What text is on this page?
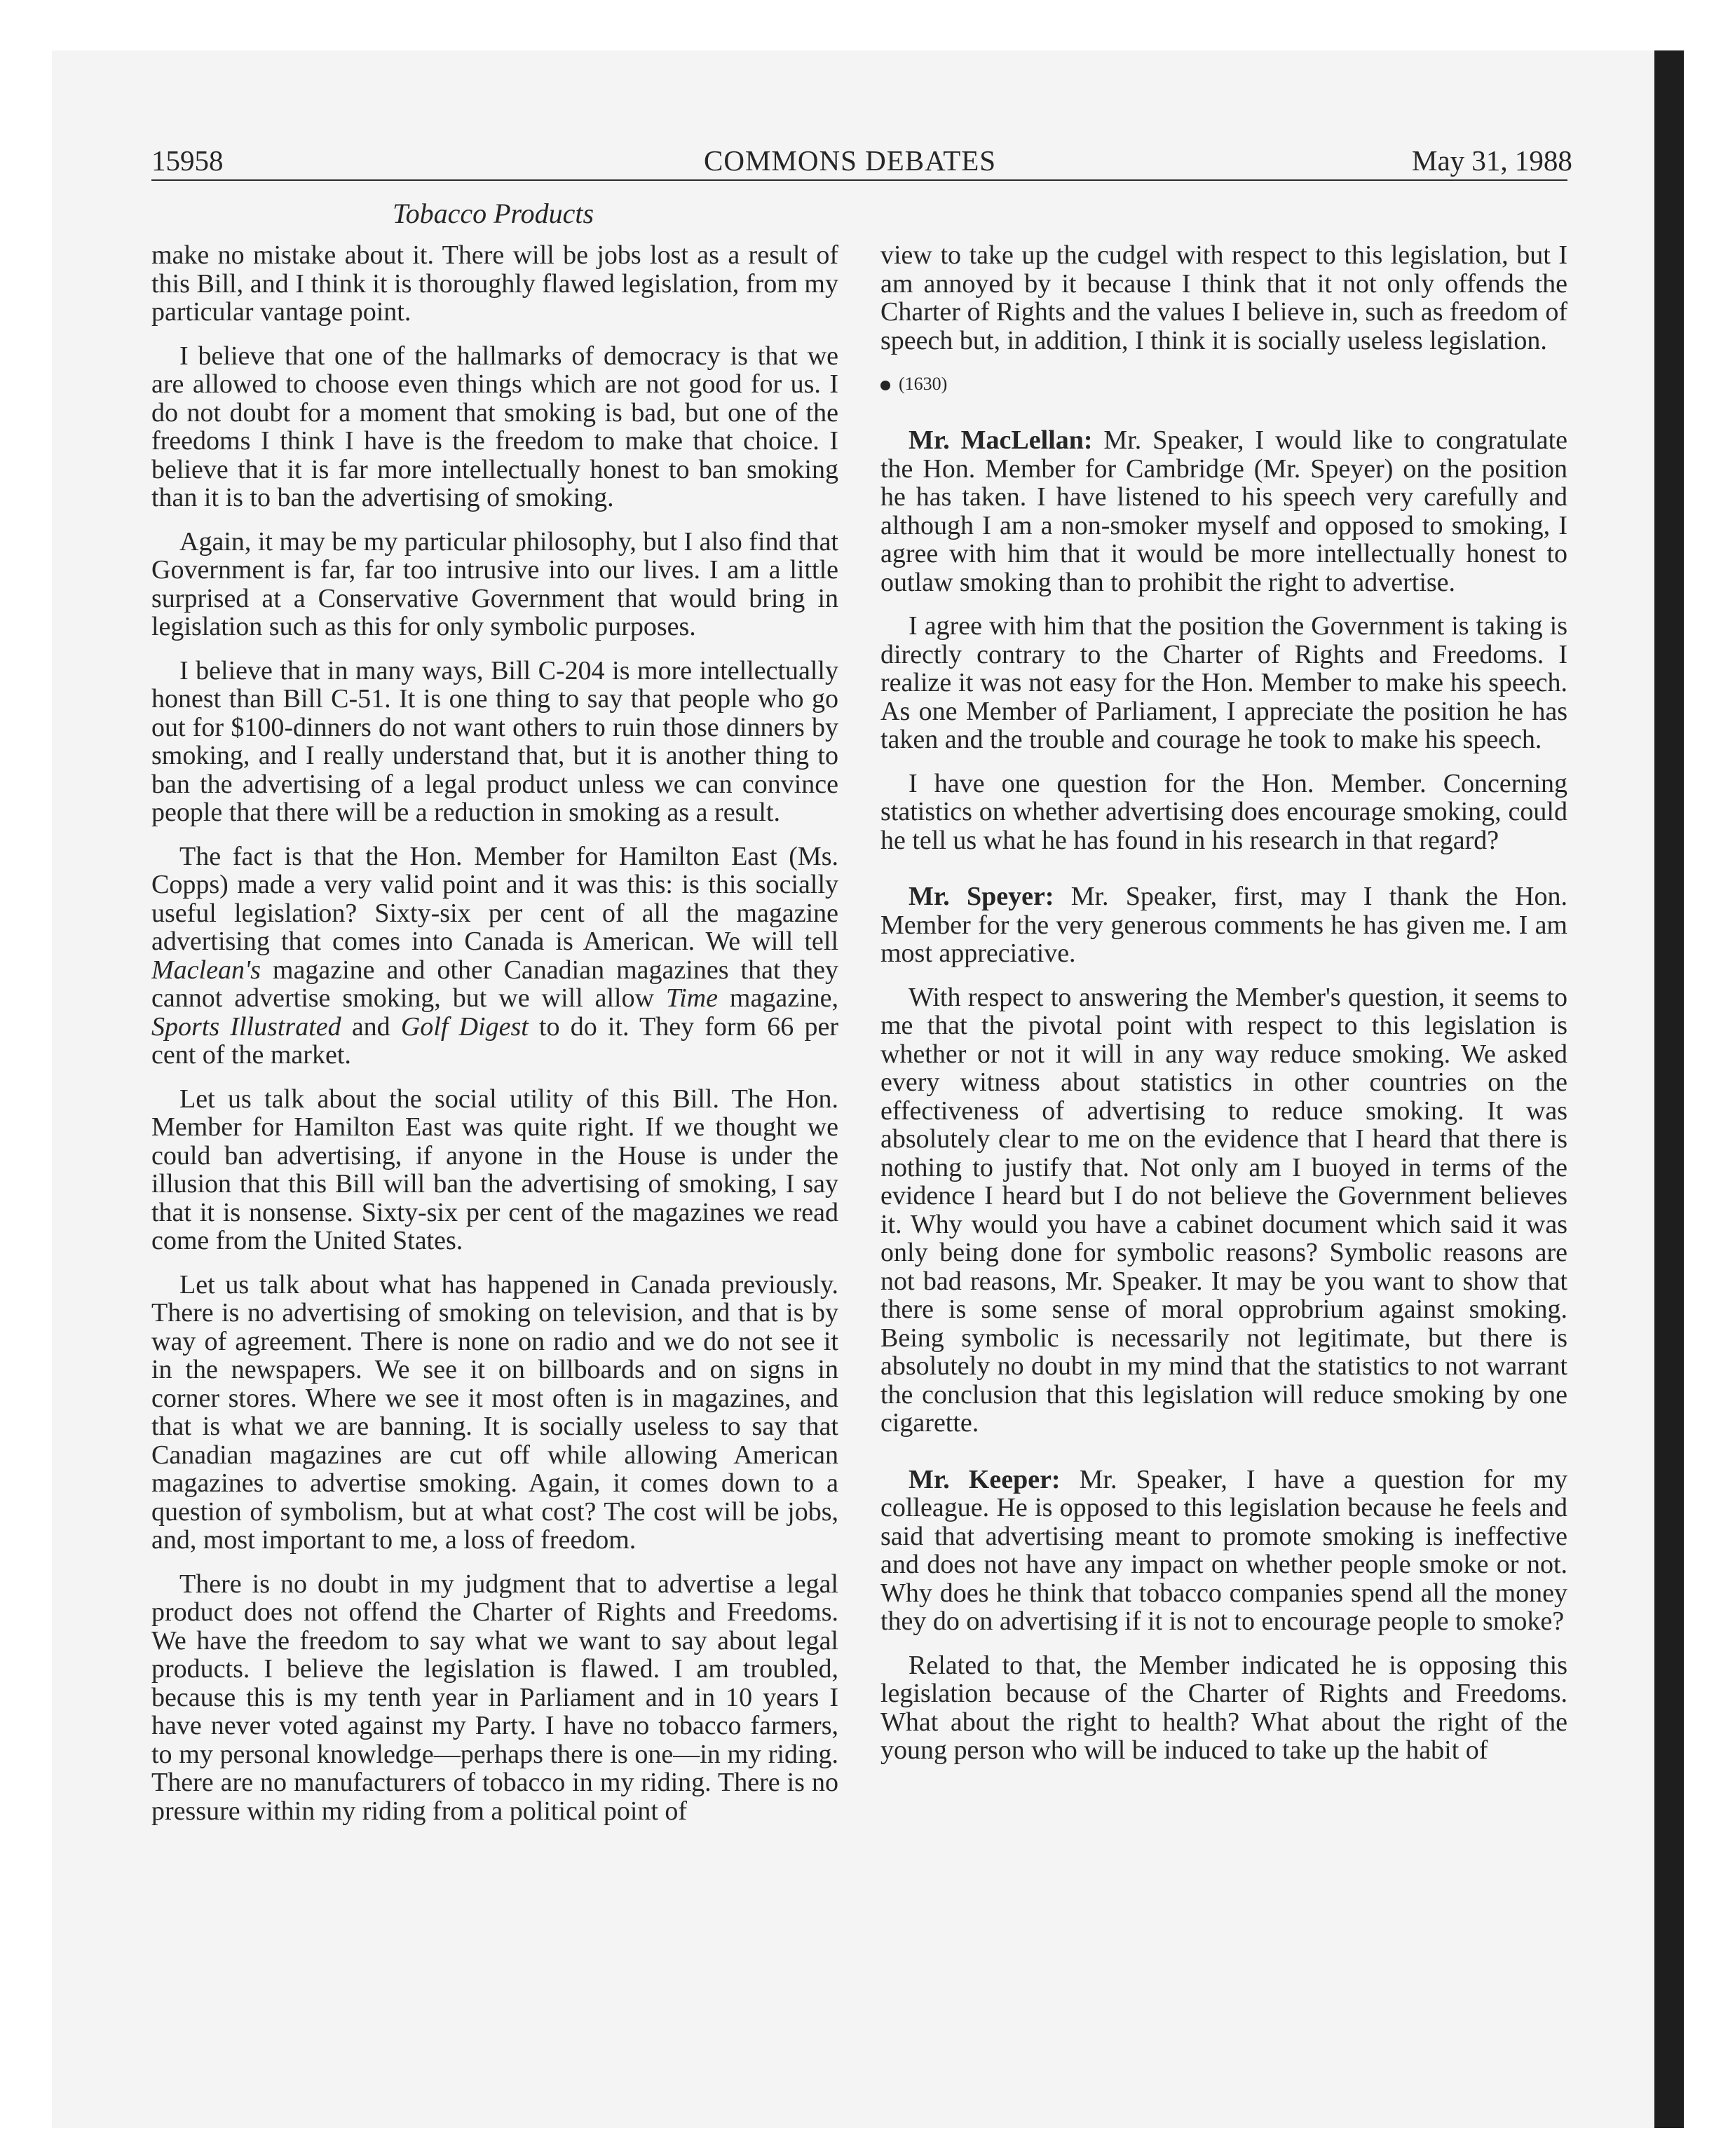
15958	COMMONS DEBATES	May 31, 1988
Tobacco Products

make no mistake about it. There will be jobs lost as a result of this Bill, and I think it is thoroughly flawed legislation, from my particular vantage point.

I believe that one of the hallmarks of democracy is that we are allowed to choose even things which are not good for us. I do not doubt for a moment that smoking is bad, but one of the freedoms I think I have is the freedom to make that choice. I believe that it is far more intellectually honest to ban smoking than it is to ban the advertising of smoking.

Again, it may be my particular philosophy, but I also find that Government is far, far too intrusive into our lives. I am a little surprised at a Conservative Government that would bring in legislation such as this for only symbolic purposes.

I believe that in many ways, Bill C-204 is more intellectually honest than Bill C-51. It is one thing to say that people who go out for $100-dinners do not want others to ruin those dinners by smoking, and I really understand that, but it is another thing to ban the advertising of a legal product unless we can convince people that there will be a reduction in smoking as a result.

The fact is that the Hon. Member for Hamilton East (Ms. Copps) made a very valid point and it was this: is this socially useful legislation? Sixty-six per cent of all the magazine advertising that comes into Canada is American. We will tell Maclean's magazine and other Canadian magazines that they cannot advertise smoking, but we will allow Time magazine, Sports Illustrated and Golf Digest to do it. They form 66 per cent of the market.

Let us talk about the social utility of this Bill. The Hon. Member for Hamilton East was quite right. If we thought we could ban advertising, if anyone in the House is under the illusion that this Bill will ban the advertising of smoking, I say that it is nonsense. Sixty-six per cent of the magazines we read come from the United States.

Let us talk about what has happened in Canada previously. There is no advertising of smoking on television, and that is by way of agreement. There is none on radio and we do not see it in the newspapers. We see it on billboards and on signs in corner stores. Where we see it most often is in magazines, and that is what we are banning. It is socially useless to say that Canadian magazines are cut off while allowing American magazines to advertise smoking. Again, it comes down to a question of symbolism, but at what cost? The cost will be jobs, and, most important to me, a loss of freedom.

There is no doubt in my judgment that to advertise a legal product does not offend the Charter of Rights and Freedoms. We have the freedom to say what we want to say about legal products. I believe the legislation is flawed. I am troubled, because this is my tenth year in Parliament and in 10 years I have never voted against my Party. I have no tobacco farmers, to my personal knowledge—perhaps there is one—in my riding. There are no manufacturers of tobacco in my riding. There is no pressure within my riding from a political point of

view to take up the cudgel with respect to this legislation, but I am annoyed by it because I think that it not only offends the Charter of Rights and the values I believe in, such as freedom of speech but, in addition, I think it is socially useless legislation.

(1630)

Mr. MacLellan: Mr. Speaker, I would like to congratulate the Hon. Member for Cambridge (Mr. Speyer) on the position he has taken. I have listened to his speech very carefully and although I am a non-smoker myself and opposed to smoking, I agree with him that it would be more intellectually honest to outlaw smoking than to prohibit the right to advertise.

I agree with him that the position the Government is taking is directly contrary to the Charter of Rights and Freedoms. I realize it was not easy for the Hon. Member to make his speech. As one Member of Parliament, I appreciate the position he has taken and the trouble and courage he took to make his speech.

I have one question for the Hon. Member. Concerning statistics on whether advertising does encourage smoking, could he tell us what he has found in his research in that regard?

Mr. Speyer: Mr. Speaker, first, may I thank the Hon. Member for the very generous comments he has given me. I am most appreciative.

With respect to answering the Member's question, it seems to me that the pivotal point with respect to this legislation is whether or not it will in any way reduce smoking. We asked every witness about statistics in other countries on the effectiveness of advertising to reduce smoking. It was absolutely clear to me on the evidence that I heard that there is nothing to justify that. Not only am I buoyed in terms of the evidence I heard but I do not believe the Government believes it. Why would you have a cabinet document which said it was only being done for symbolic reasons? Symbolic reasons are not bad reasons, Mr. Speaker. It may be you want to show that there is some sense of moral opprobrium against smoking. Being symbolic is necessarily not legitimate, but there is absolutely no doubt in my mind that the statistics to not warrant the conclusion that this legislation will reduce smoking by one cigarette.

Mr. Keeper: Mr. Speaker, I have a question for my colleague. He is opposed to this legislation because he feels and said that advertising meant to promote smoking is ineffective and does not have any impact on whether people smoke or not. Why does he think that tobacco companies spend all the money they do on advertising if it is not to encourage people to smoke?

Related to that, the Member indicated he is opposing this legislation because of the Charter of Rights and Freedoms. What about the right to health? What about the right of the young person who will be induced to take up the habit of
